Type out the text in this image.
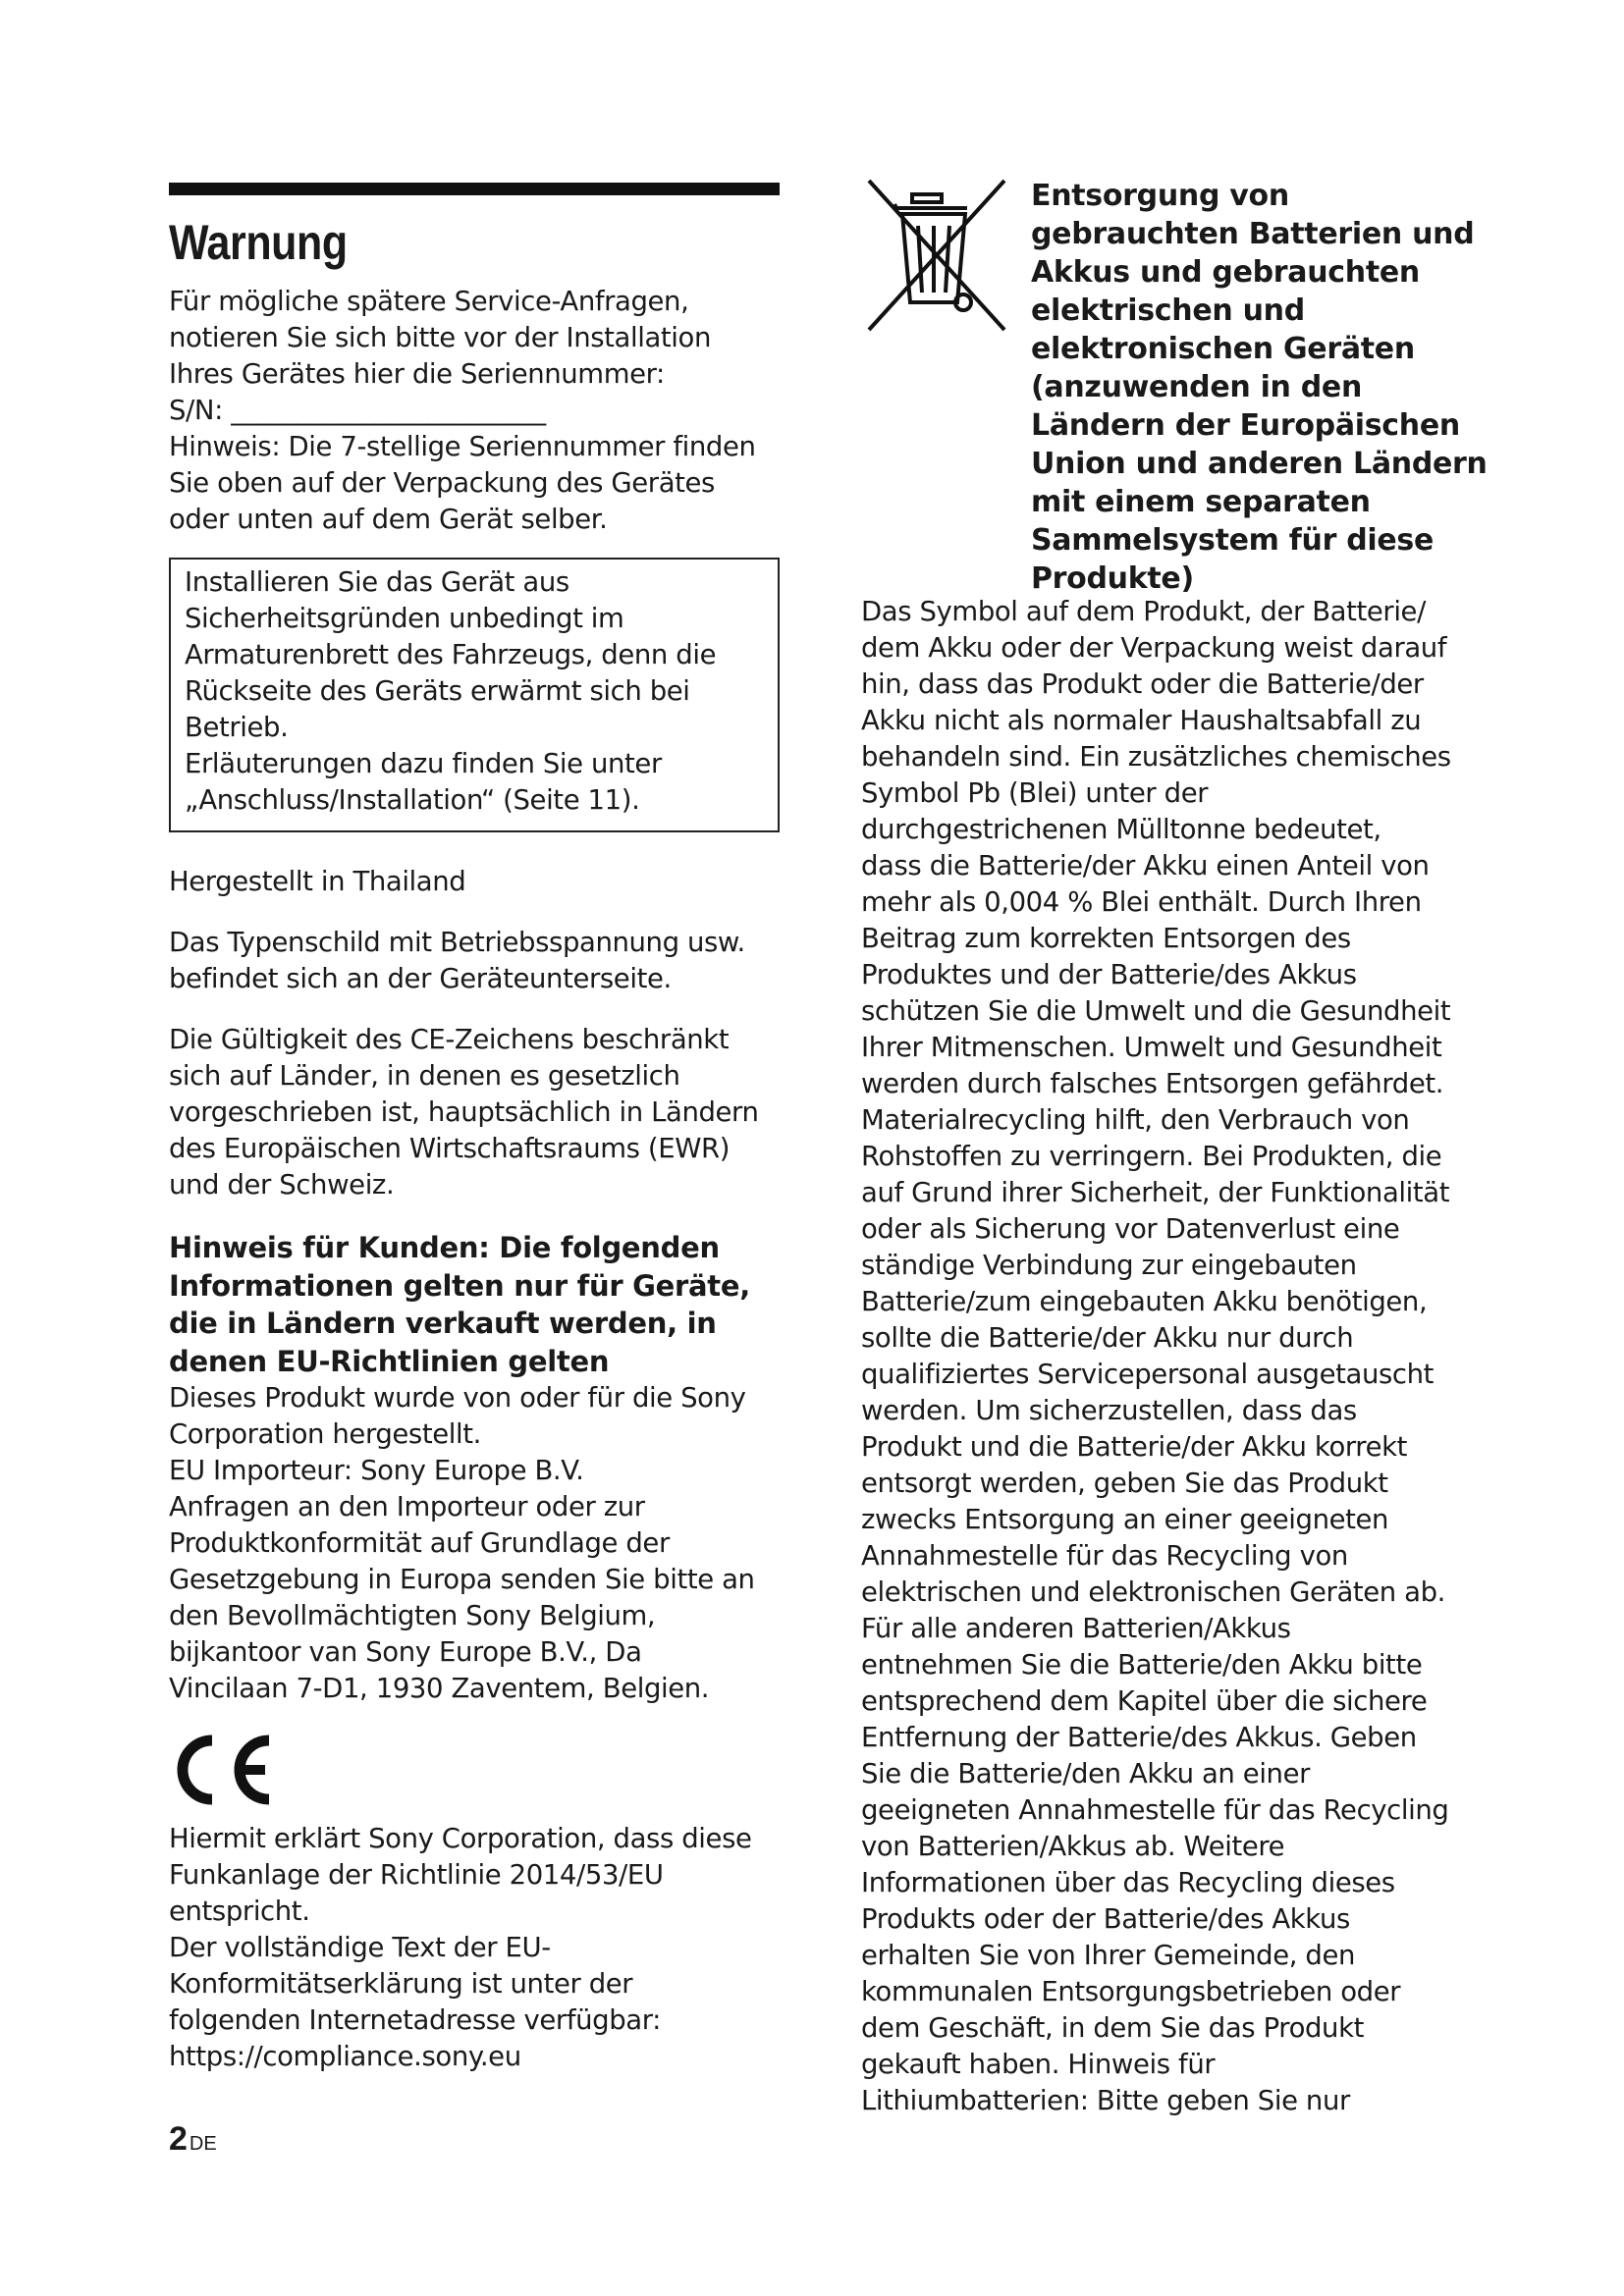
Warnung

Für mögliche spätere Service-Anfragen,
notieren Sie sich bitte vor der Installation
Ihres Gerätes hier die Seriennummer:
S/N: ________________________
Hinweis: Die 7-stellige Seriennummer finden
Sie oben auf der Verpackung des Gerätes
oder unten auf dem Gerät selber.

Installieren Sie das Gerät aus
Sicherheitsgründen unbedingt im
Armaturenbrett des Fahrzeugs, denn die
Rückseite des Geräts erwärmt sich bei
Betrieb.
Erläuterungen dazu finden Sie unter
„Anschluss/Installation“ (Seite 11).

Hergestellt in Thailand

Das Typenschild mit Betriebsspannung usw.
befindet sich an der Geräteunterseite.

Die Gültigkeit des CE-Zeichens beschränkt
sich auf Länder, in denen es gesetzlich
vorgeschrieben ist, hauptsächlich in Ländern
des Europäischen Wirtschaftsraums (EWR)
und der Schweiz.

Hinweis für Kunden: Die folgenden
Informationen gelten nur für Geräte,
die in Ländern verkauft werden, in
denen EU-Richtlinien gelten

Dieses Produkt wurde von oder für die Sony
Corporation hergestellt.
EU Importeur: Sony Europe B.V.
Anfragen an den Importeur oder zur
Produktkonformität auf Grundlage der
Gesetzgebung in Europa senden Sie bitte an
den Bevollmächtigten Sony Belgium,
bijkantoor van Sony Europe B.V., Da
Vincilaan 7-D1, 1930 Zaventem, Belgien.

Hiermit erklärt Sony Corporation, dass diese
Funkanlage der Richtlinie 2014/53/EU
entspricht.
Der vollständige Text der EU-
Konformitätserklärung ist unter der
folgenden Internetadresse verfügbar:
https://compliance.sony.eu

Entsorgung von
gebrauchten Batterien und
Akkus und gebrauchten
elektrischen und
elektronischen Geräten
(anzuwenden in den
Ländern der Europäischen
Union und anderen Ländern
mit einem separaten
Sammelsystem für diese
Produkte)

Das Symbol auf dem Produkt, der Batterie/
dem Akku oder der Verpackung weist darauf
hin, dass das Produkt oder die Batterie/der
Akku nicht als normaler Haushaltsabfall zu
behandeln sind. Ein zusätzliches chemisches
Symbol Pb (Blei) unter der
durchgestrichenen Mülltonne bedeutet,
dass die Batterie/der Akku einen Anteil von
mehr als 0,004 % Blei enthält. Durch Ihren
Beitrag zum korrekten Entsorgen des
Produktes und der Batterie/des Akkus
schützen Sie die Umwelt und die Gesundheit
Ihrer Mitmenschen. Umwelt und Gesundheit
werden durch falsches Entsorgen gefährdet.
Materialrecycling hilft, den Verbrauch von
Rohstoffen zu verringern. Bei Produkten, die
auf Grund ihrer Sicherheit, der Funktionalität
oder als Sicherung vor Datenverlust eine
ständige Verbindung zur eingebauten
Batterie/zum eingebauten Akku benötigen,
sollte die Batterie/der Akku nur durch
qualifiziertes Servicepersonal ausgetauscht
werden. Um sicherzustellen, dass das
Produkt und die Batterie/der Akku korrekt
entsorgt werden, geben Sie das Produkt
zwecks Entsorgung an einer geeigneten
Annahmestelle für das Recycling von
elektrischen und elektronischen Geräten ab.
Für alle anderen Batterien/Akkus
entnehmen Sie die Batterie/den Akku bitte
entsprechend dem Kapitel über die sichere
Entfernung der Batterie/des Akkus. Geben
Sie die Batterie/den Akku an einer
geeigneten Annahmestelle für das Recycling
von Batterien/Akkus ab. Weitere
Informationen über das Recycling dieses
Produkts oder der Batterie/des Akkus
erhalten Sie von Ihrer Gemeinde, den
kommunalen Entsorgungsbetrieben oder
dem Geschäft, in dem Sie das Produkt
gekauft haben. Hinweis für
Lithiumbatterien: Bitte geben Sie nur

2 DE
